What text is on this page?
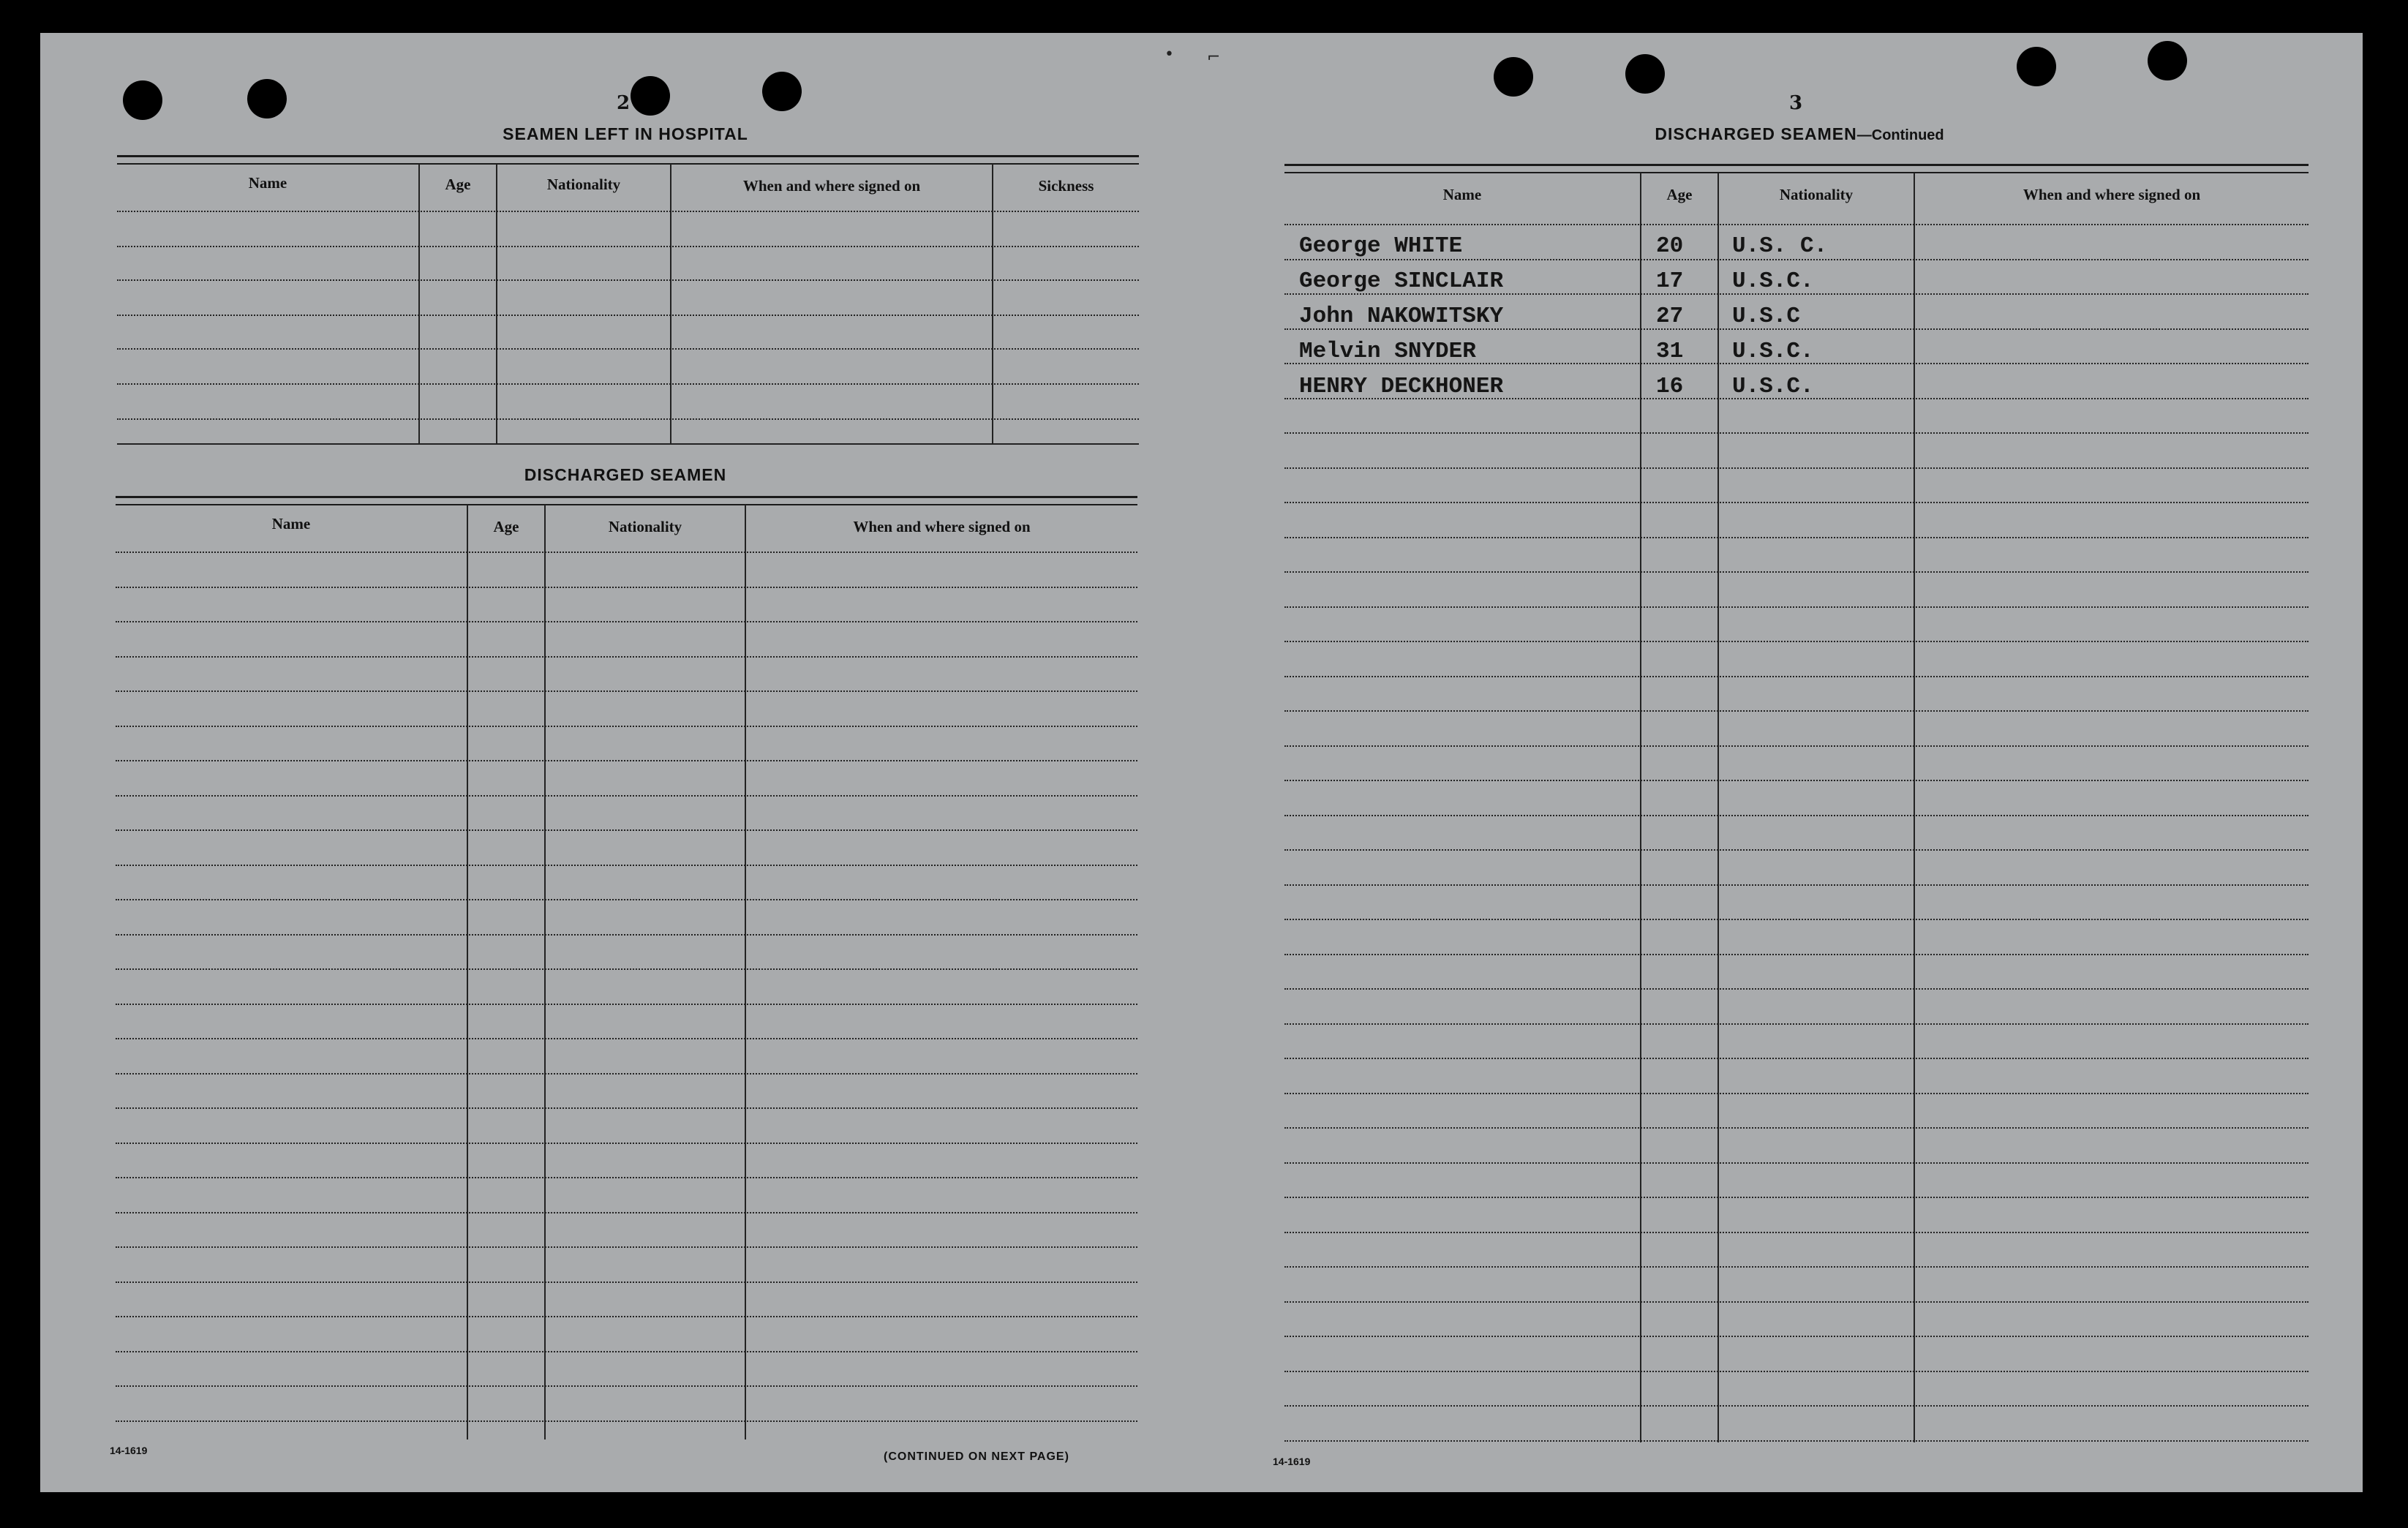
2
SEAMEN LEFT IN HOSPITAL
Name	Age	Nationality	When and where signed on	Sickness
DISCHARGED SEAMEN
Name	Age	Nationality	When and where signed on
14-1619	(CONTINUED ON NEXT PAGE)
3
DISCHARGED SEAMEN—Continued
Name	Age	Nationality	When and where signed on
George WHITE	20 U.S. C.
George SINCLAIR	17 U.S.C.
John NAKOWITSKY	27 U.S.C
Melvin SNYDER	31 U.S.C.
HENRY DECKHONER	16 U.S.C.
14-1619
• ⌐
